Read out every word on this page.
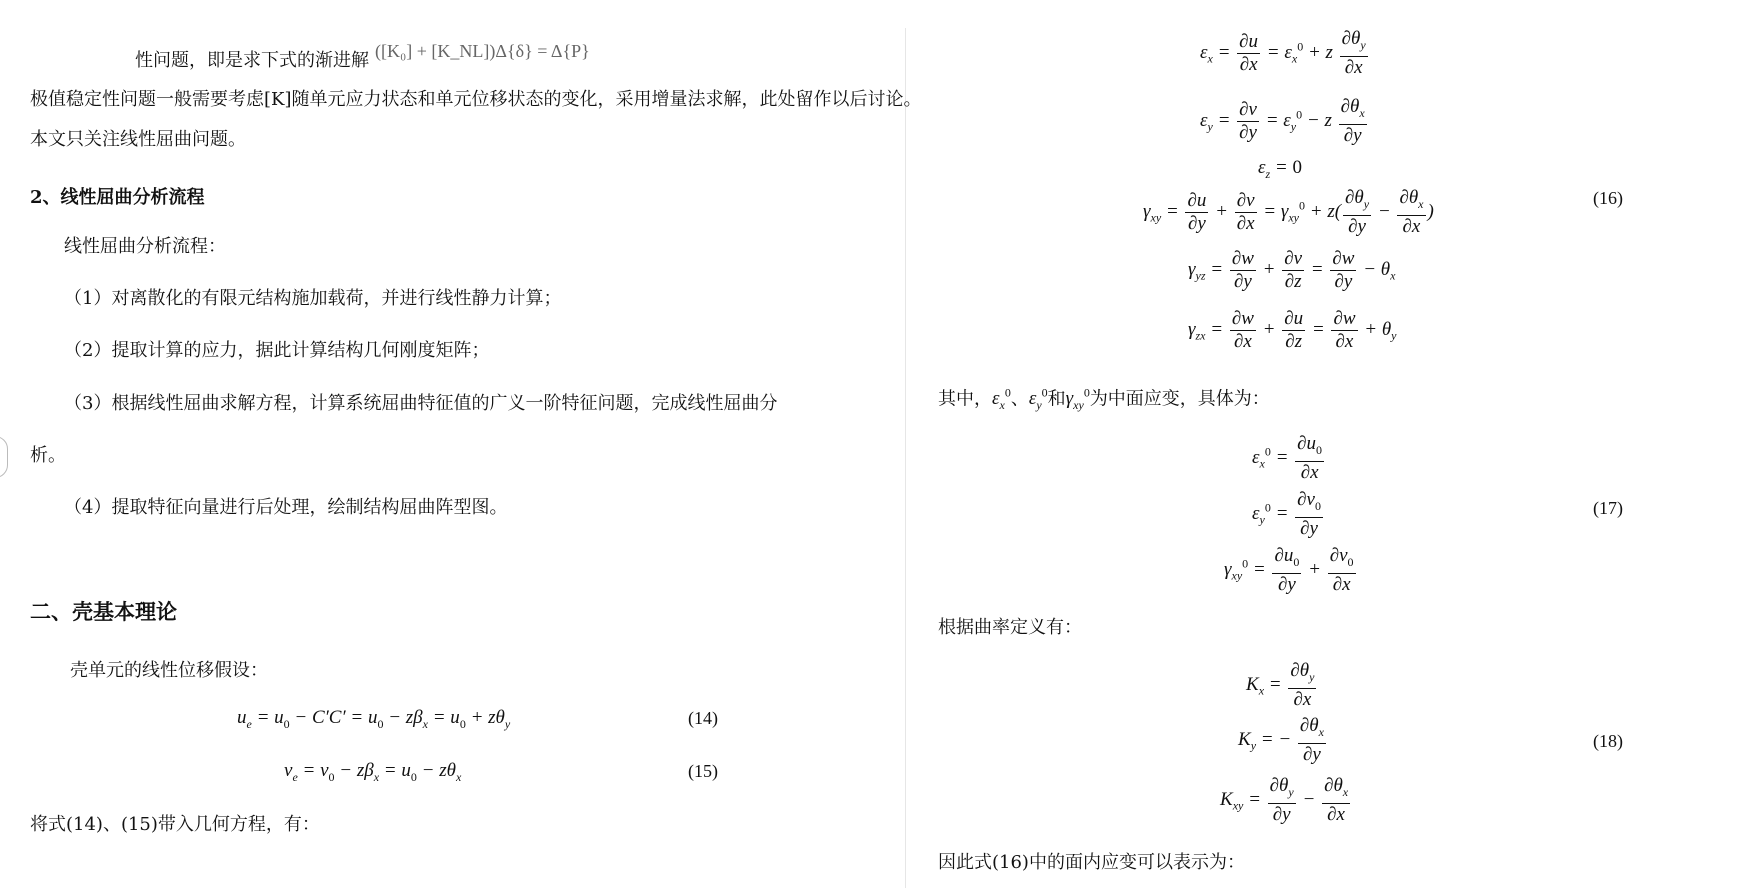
性问题，即是求下式的渐进解 ([K₀] + [K_NL])Δ{δ} = Δ{P}
极值稳定性问题一般需要考虑[K]随单元应力状态和单元位移状态的变化，采用增量法求解，此处留作以后讨论。
本文只关注线性屈曲问题。
2、线性屈曲分析流程
线性屈曲分析流程：
（1）对离散化的有限元结构施加载荷，并进行线性静力计算；
（2）提取计算的应力，据此计算结构几何刚度矩阵；
（3）根据线性屈曲求解方程，计算系统屈曲特征值的广义一阶特征问题，完成线性屈曲分
析。
（4）提取特征向量进行后处理，绘制结构屈曲阵型图。
二、壳基本理论
壳单元的线性位移假设：
$u_e = u_0 - C'C' = u_0 - z\beta_x = u_0 + z\theta_y$	(14)
$v_e = v_0 - z\beta_x = u_0 - z\theta_x$	(15)
将式(14)、(15)带入几何方程，有：
$\varepsilon_x = \frac{\partial u}{\partial x} = \varepsilon_x^0 + z \frac{\partial\theta_y}{\partial x}$
$\varepsilon_y = \frac{\partial v}{\partial y} = \varepsilon_y^0 - z \frac{\partial\theta_x}{\partial y}$
$\varepsilon_z = 0$
$\gamma_{xy} = \frac{\partial u}{\partial y} + \frac{\partial v}{\partial x} = \gamma_{xy}^0 + z( \frac{\partial\theta_y}{\partial y} - \frac{\partial\theta_x}{\partial x}$ )
(16)
$\gamma_{yz} = \frac{\partial w}{\partial y} + \frac{\partial v}{\partial z} = \frac{\partial w}{\partial y} - \theta_x$
$\gamma_{zx} = \frac{\partial w}{\partial x} + \frac{\partial u}{\partial z} = \frac{\partial w}{\partial x} + \theta_y$
其中，$\varepsilon_x^0$、$\varepsilon_y^0$和$\gamma_{xy}^0$为中面应变，具体为：
$\varepsilon_x^0 = \frac{\partial u_0}{\partial x}$
$\varepsilon_y^0 = \frac{\partial v_0}{\partial y}$	(17)
$\gamma_{xy}^0 = \frac{\partial u_0}{\partial y} + \frac{\partial v_0}{\partial x}$
根据曲率定义有：
$K_x = \frac{\partial\theta_y}{\partial x}$
$K_y$ = − $\frac{\partial\theta_x}{\partial y}$	(18)
$K_{xy} = \frac{\partial\theta_y}{\partial y} - \frac{\partial\theta_x}{\partial x}$
因此式(16)中的面内应变可以表示为：
